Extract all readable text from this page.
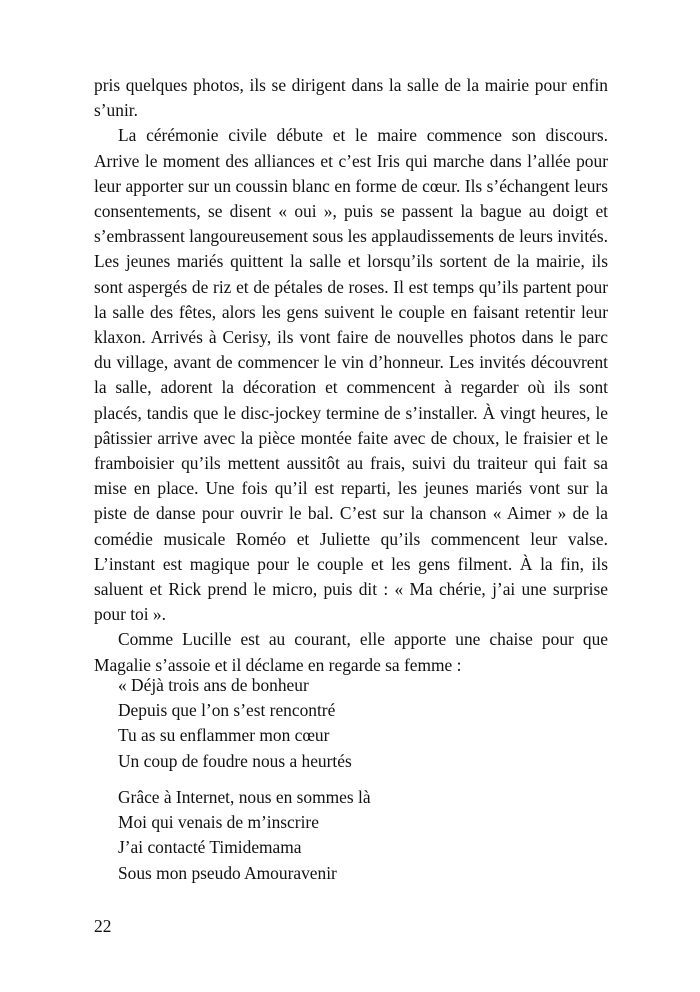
pris quelques photos, ils se dirigent dans la salle de la mairie pour enfin s’unir.

La cérémonie civile débute et le maire commence son discours. Arrive le moment des alliances et c’est Iris qui marche dans l’allée pour leur apporter sur un coussin blanc en forme de cœur. Ils s’échangent leurs consentements, se disent « oui », puis se passent la bague au doigt et s’embrassent langoureusement sous les applaudissements de leurs invités. Les jeunes mariés quittent la salle et lorsqu’ils sortent de la mairie, ils sont aspergés de riz et de pétales de roses. Il est temps qu’ils partent pour la salle des fêtes, alors les gens suivent le couple en faisant retentir leur klaxon. Arrivés à Cerisy, ils vont faire de nouvelles photos dans le parc du village, avant de commencer le vin d’honneur. Les invités découvrent la salle, adorent la décoration et commencent à regarder où ils sont placés, tandis que le disc-jockey termine de s’installer. À vingt heures, le pâtissier arrive avec la pièce montée faite avec de choux, le fraisier et le framboisier qu’ils mettent aussitôt au frais, suivi du traiteur qui fait sa mise en place. Une fois qu’il est reparti, les jeunes mariés vont sur la piste de danse pour ouvrir le bal. C’est sur la chanson « Aimer » de la comédie musicale Roméo et Juliette qu’ils commencent leur valse. L’instant est magique pour le couple et les gens filment. À la fin, ils saluent et Rick prend le micro, puis dit : « Ma chérie, j’ai une surprise pour toi ».

Comme Lucille est au courant, elle apporte une chaise pour que Magalie s’assoie et il déclame en regarde sa femme :

« Déjà trois ans de bonheur
Depuis que l’on s’est rencontré
Tu as su enflammer mon cœur
Un coup de foudre nous a heurtés
Grâce à Internet, nous en sommes là
Moi qui venais de m’inscrire
J’ai contacté Timidemama
Sous mon pseudo Amouravenir
22
